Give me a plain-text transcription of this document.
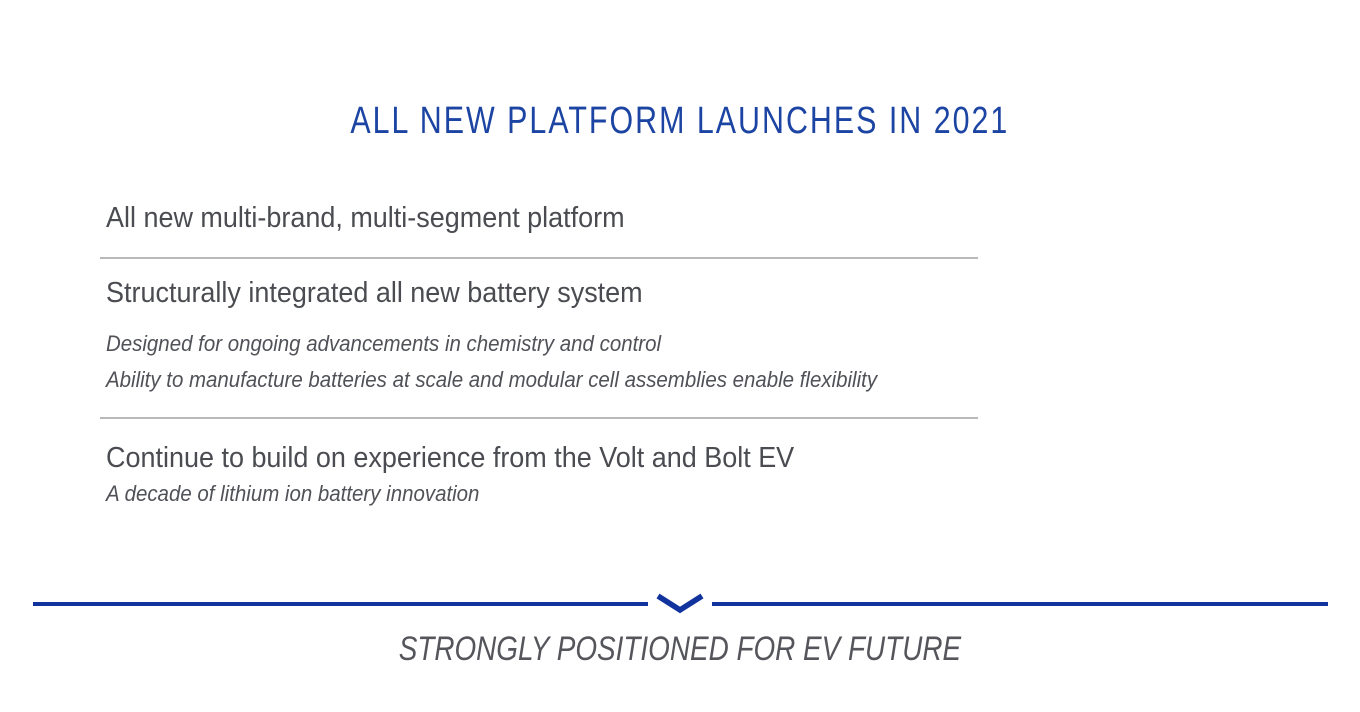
ALL NEW PLATFORM LAUNCHES IN 2021
All new multi-brand, multi-segment platform
Structurally integrated all new battery system
Designed for ongoing advancements in chemistry and control
Ability to manufacture batteries at scale and modular cell assemblies enable flexibility
Continue to build on experience from the Volt and Bolt EV
A decade of lithium ion battery innovation

STRONGLY POSITIONED FOR EV FUTURE
